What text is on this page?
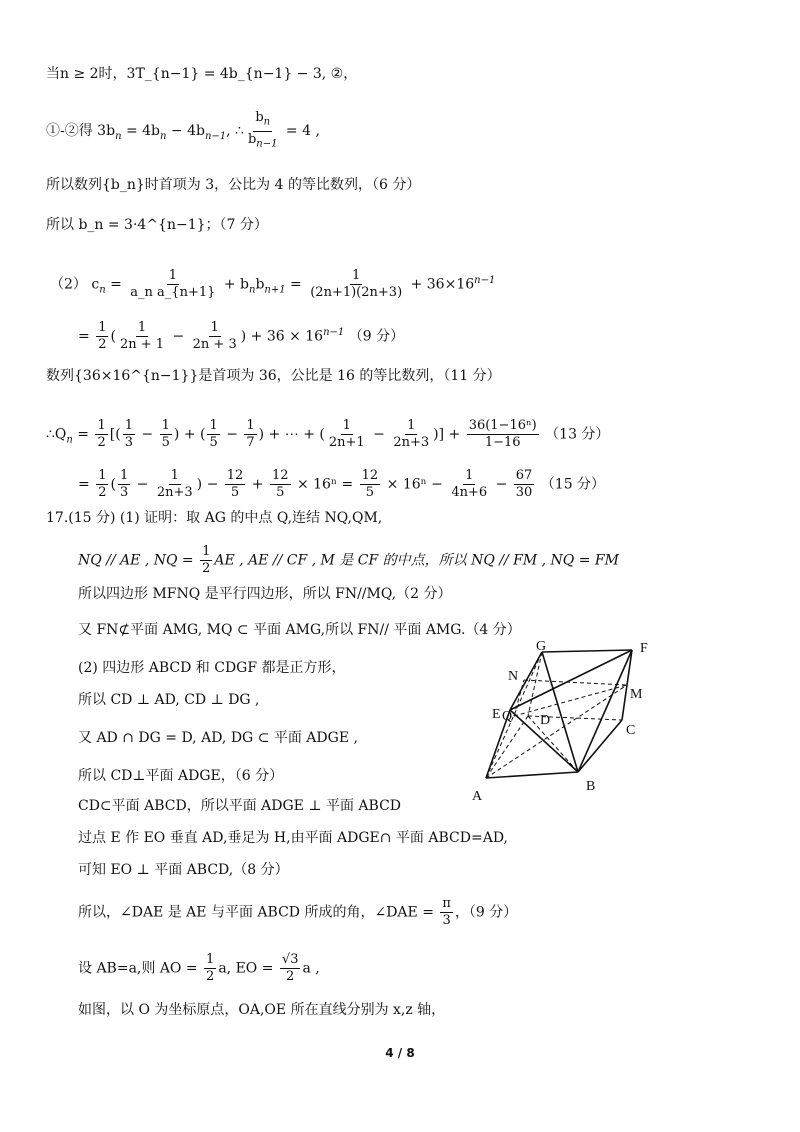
当n ≥ 2时，3T_{n−1} = 4b_{n−1} − 3, ②，
①-②得 $3b_n = 4b_n - 4b_{n-1}$, ∴ $\frac{b_n}{b_{n-1}} = 4$ ,
所以数列{b_n}时首项为 3，公比为 4 的等比数列，（6 分）
所以 b_n = 3·4^{n−1}；（7 分）
（2） $c_n = \frac{1}{\text{a\_n a\_\{n+1\}}} + b_nb_{n+1} = \frac{1}{(2n+1)(2n+3)} + 36\times 16^{n-1}$
= $\frac{1}{2}$ ( $\frac{1}{2n + 1} - \frac{1}{2n + 3}$ ) + $36 \times 16^{n-1}$ （9 分）
数列{36×16^{n−1}}是首项为 36，公比是 16 的等比数列，（11 分）
$\therefore Q_n = \frac{1}{2}$ [( $\frac{1}{3} - \frac{1}{5}$ ) + ( $\frac{1}{5} - \frac{1}{7}$ ) + ⋯ + ( $\frac{1}{2n+1} - \frac{1}{2n+3}$ )] + $\frac{\text{36(1−16ⁿ)}}{1-16} (13$ 分）
= $\frac{1}{2}$ ( $\frac{1}{3} - \frac{1}{2n+3}$ ) − $\frac{12}{5} + \frac{12}{5} \times 16^n = \frac{12}{5} \times 16^n - \frac{1}{4n+6} - \frac{67}{30} (15$ 分）
17.(15 分) (1) 证明：取 AG 的中点 Q,连结 NQ,QM,
NQ // AE , NQ = $\frac{1}{2}$ AE , AE // CF , M 是 CF 的中点，所以 NQ // FM , NQ = FM
所以四边形 MFNQ 是平行四边形，所以 FN//MQ,（2 分）
又 FN⊄平面 AMG, MQ ⊂ 平面 AMG,所以 FN// 平面 AMG.（4 分）
(2) 四边形 ABCD 和 CDGF 都是正方形，
所以 CD ⊥ AD, CD ⊥ DG ,
又 AD ∩ DG = D, AD, DG ⊂ 平面 ADGE ,
所以 CD⊥平面 ADGE，（6 分）
CD⊂平面 ABCD，所以平面 ADGE ⊥ 平面 ABCD
过点 E 作 EO 垂直 AD,垂足为 H,由平面 ADGE∩ 平面 ABCD=AD,
可知 EO ⊥ 平面 ABCD,（8 分）
所以，∠DAE 是 AE 与平面 ABCD 所成的角，∠DAE = $\frac{\pi}{3}$ ，（9 分）
设 AB=a,则 AO = $\frac{1}{2} a$, EO = $\frac{√3}{2}$ a ,
如图，以 O 为坐标原点，OA,OE 所在直线分别为 x,z 轴，
G	F
N
M
E Q D
C
A
B
4 / 8
